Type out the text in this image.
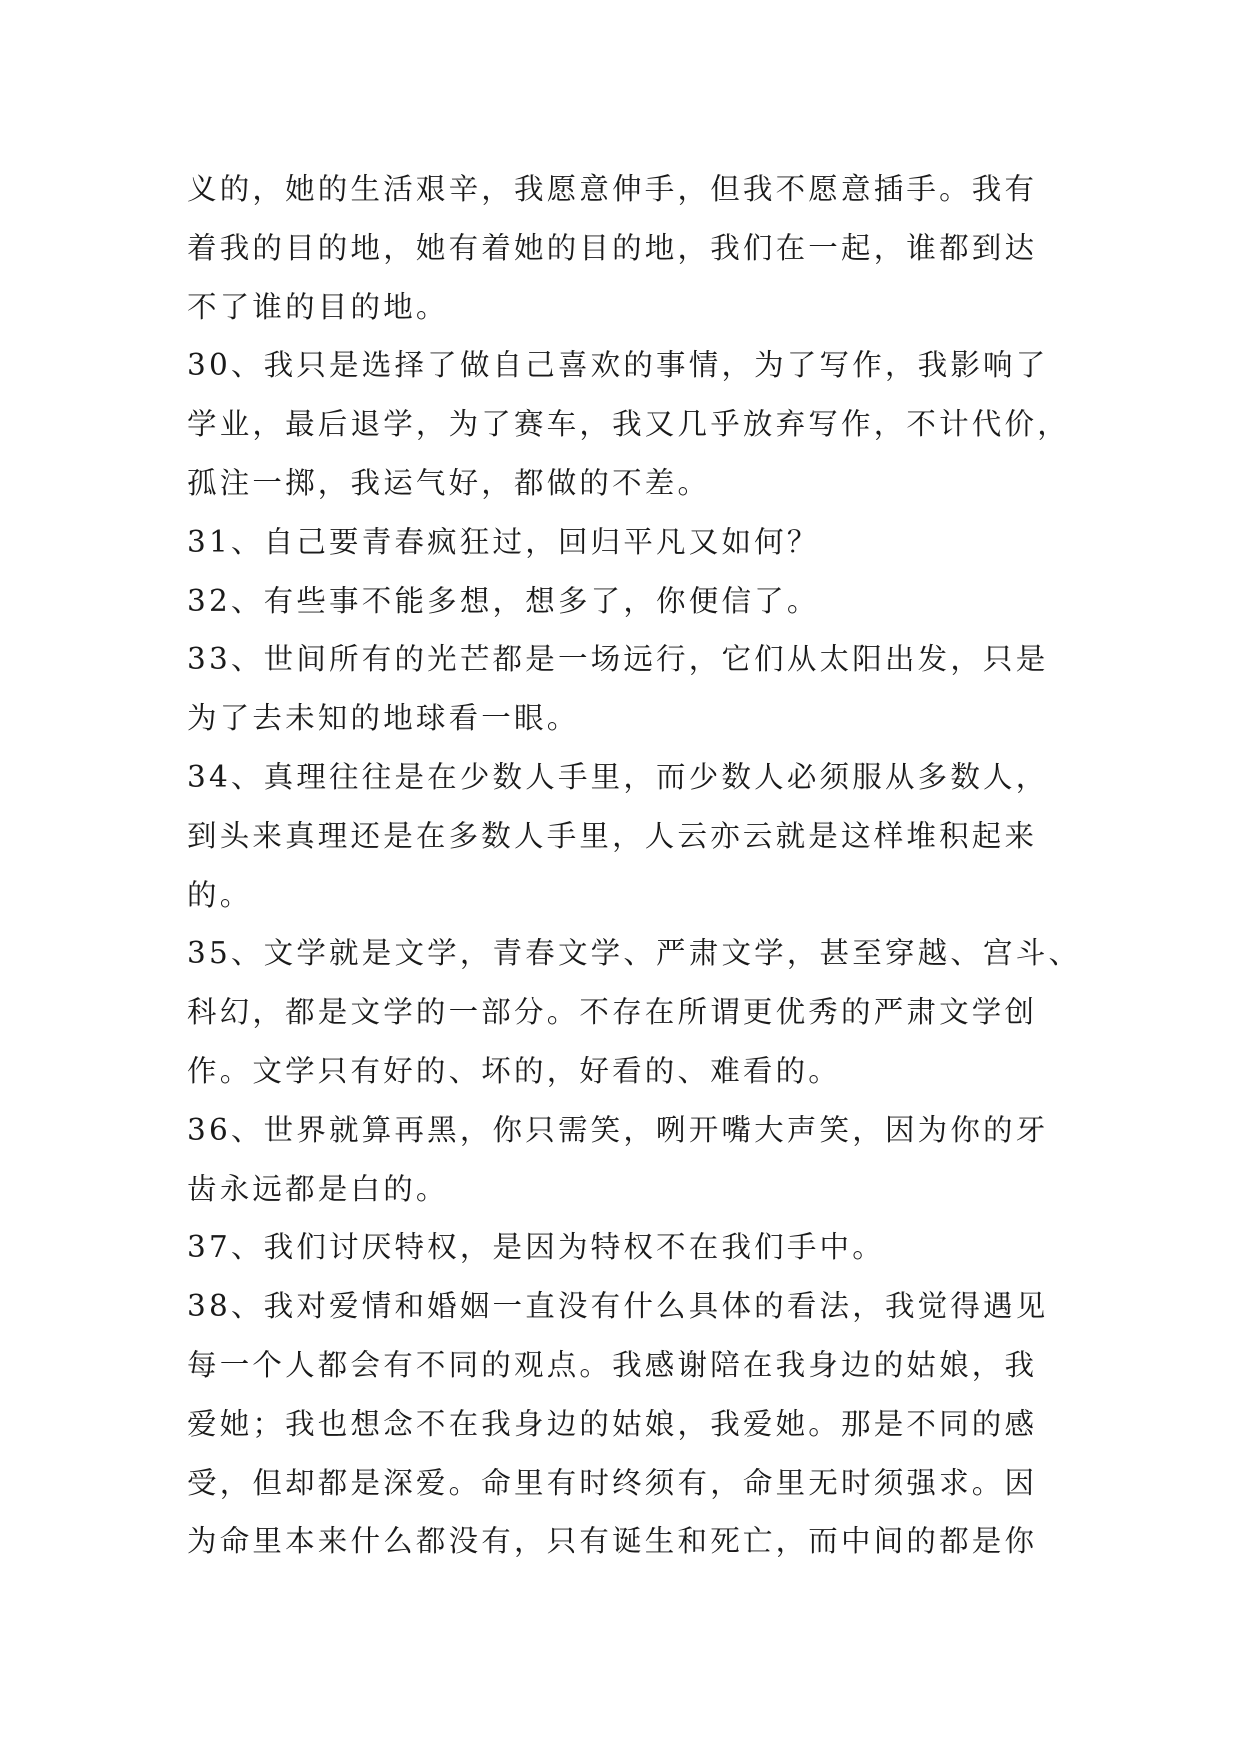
义的，她的生活艰辛，我愿意伸手，但我不愿意插手。我有
着我的目的地，她有着她的目的地，我们在一起，谁都到达
不了谁的目的地。
30、我只是选择了做自己喜欢的事情，为了写作，我影响了
学业，最后退学，为了赛车，我又几乎放弃写作，不计代价，
孤注一掷，我运气好，都做的不差。
31、自己要青春疯狂过，回归平凡又如何？
32、有些事不能多想，想多了，你便信了。
33、世间所有的光芒都是一场远行，它们从太阳出发，只是
为了去未知的地球看一眼。
34、真理往往是在少数人手里，而少数人必须服从多数人，
到头来真理还是在多数人手里，人云亦云就是这样堆积起来
的。
35、文学就是文学，青春文学、严肃文学，甚至穿越、宫斗、
科幻，都是文学的一部分。不存在所谓更优秀的严肃文学创
作。文学只有好的、坏的，好看的、难看的。
36、世界就算再黑，你只需笑，咧开嘴大声笑，因为你的牙
齿永远都是白的。
37、我们讨厌特权，是因为特权不在我们手中。
38、我对爱情和婚姻一直没有什么具体的看法，我觉得遇见
每一个人都会有不同的观点。我感谢陪在我身边的姑娘，我
爱她；我也想念不在我身边的姑娘，我爱她。那是不同的感
受，但却都是深爱。命里有时终须有，命里无时须强求。因
为命里本来什么都没有，只有诞生和死亡，而中间的都是你
